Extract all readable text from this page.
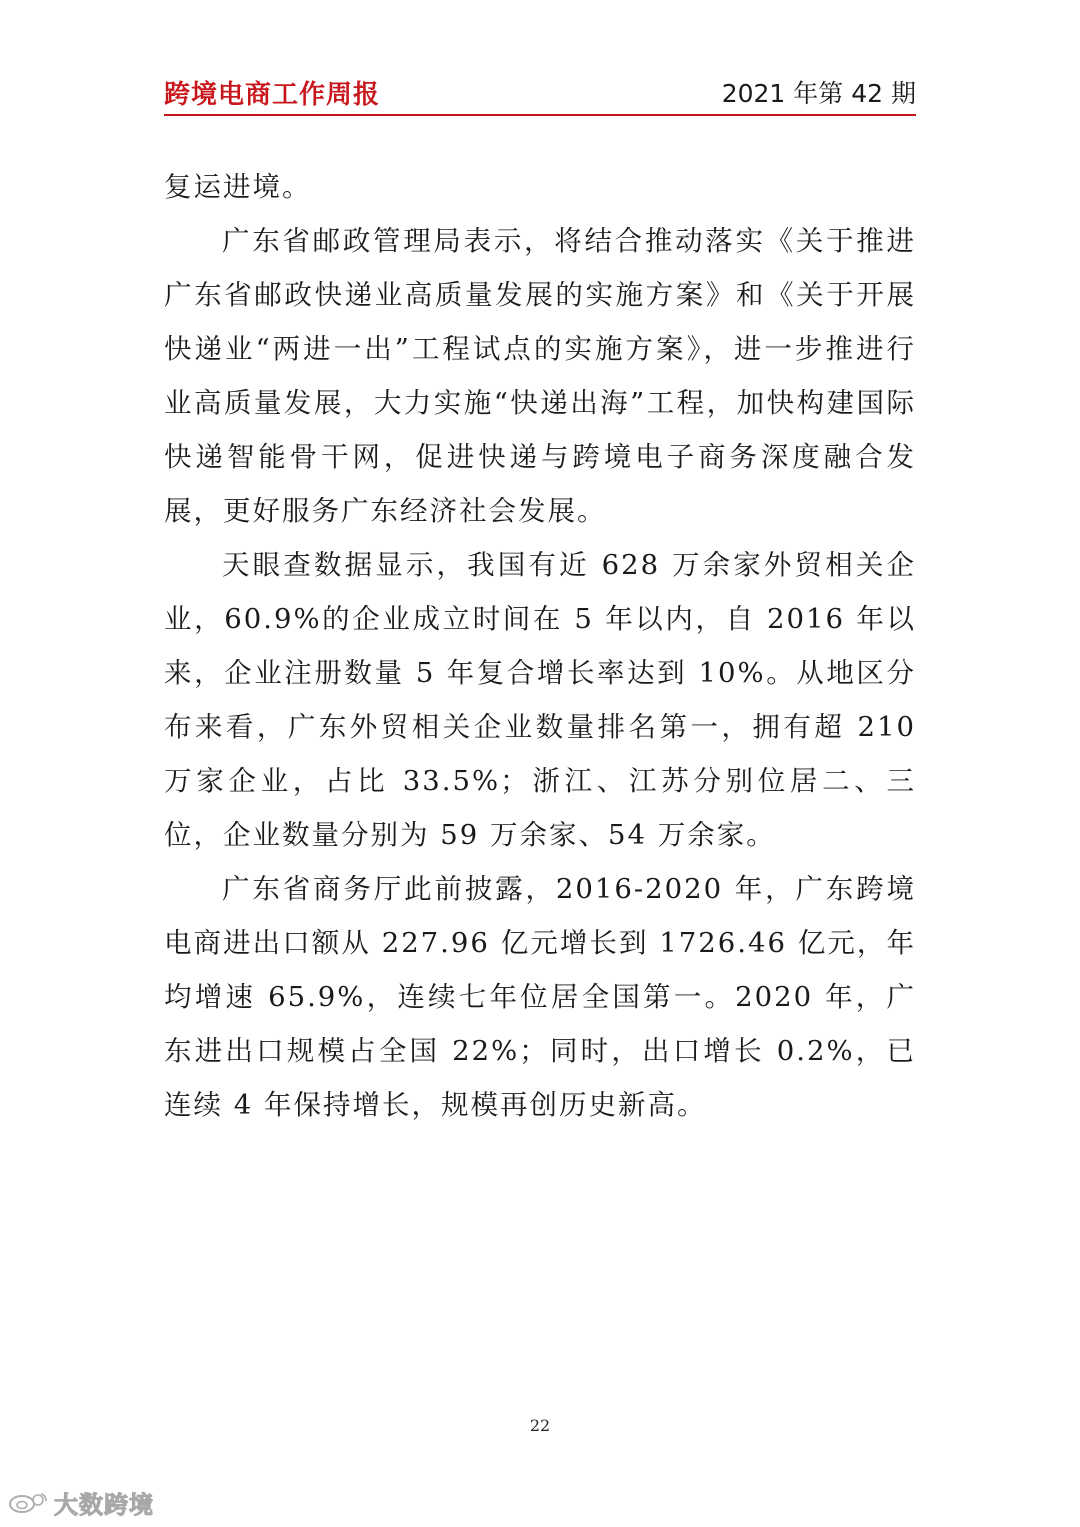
跨境电商工作周报	2021 年第 42 期

复运进境。

广东省邮政管理局表示，将结合推动落实《关于推进广东省邮政快递业高质量发展的实施方案》和《关于开展快递业“两进一出”工程试点的实施方案》，进一步推进行业高质量发展，大力实施“快递出海”工程，加快构建国际快递智能骨干网，促进快递与跨境电子商务深度融合发展，更好服务广东经济社会发展。

天眼查数据显示，我国有近 628 万余家外贸相关企业，60.9%的企业成立时间在 5 年以内，自 2016 年以来，企业注册数量 5 年复合增长率达到 10%。从地区分布来看，广东外贸相关企业数量排名第一，拥有超 210 万家企业，占比 33.5%；浙江、江苏分别位居二、三位，企业数量分别为 59 万余家、54 万余家。

广东省商务厅此前披露，2016-2020 年，广东跨境电商进出口额从 227.96 亿元增长到 1726.46 亿元，年均增速 65.9%，连续七年位居全国第一。2020 年，广东进出口规模占全国 22%；同时，出口增长 0.2%，已连续 4 年保持增长，规模再创历史新高。

22
大数跨境
